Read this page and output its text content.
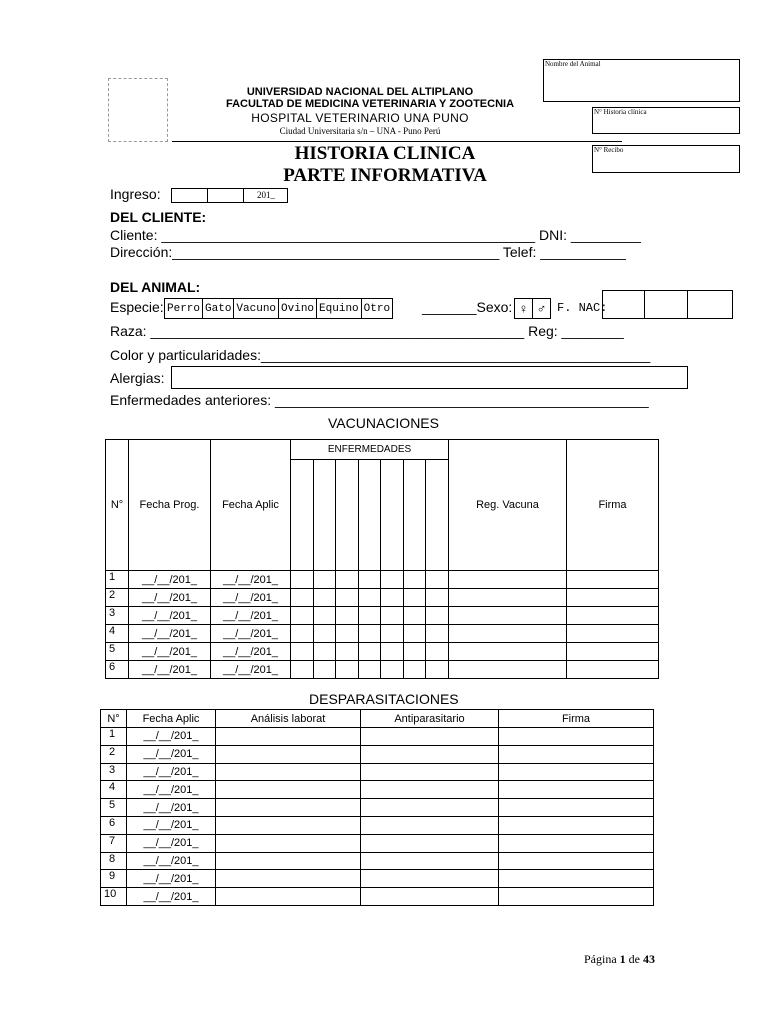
Nombre del Animal
N° Historia clínica
N° Recibo
UNIVERSIDAD NACIONAL DEL ALTIPLANO
FACULTAD DE MEDICINA VETERINARIA Y ZOOTECNIA
HOSPITAL VETERINARIO UNA PUNO
Ciudad Universitaria s/n – UNA - Puno Perú
HISTORIA CLINICA
PARTE INFORMATIVA
Ingreso:	201_
DEL CLIENTE:
Cliente: ________________________________________________ DNI: _________
Dirección:__________________________________________ Telef: ___________
DEL ANIMAL:
Especie: Perro	Gato	Vacuno	Ovino	Equino	Otro _______Sexo: ♀	♂ F. NAC:

Raza: ________________________________________________ Reg: ________
Color y particularidades:__________________________________________________
Alergias:
Enfermedades anteriores: ________________________________________________
VACUNACIONES
N°	Fecha Prog.	Fecha Aplic	ENFERMEDADES							Reg. Vacuna	Firma

1	__/__/201_	__/__/201_									
2	__/__/201_	__/__/201_									
3	__/__/201_	__/__/201_									
4	__/__/201_	__/__/201_									
5	__/__/201_	__/__/201_									
6	__/__/201_	__/__/201_									
DESPARASITACIONES
N°	Fecha Aplic	Análisis laborat	Antiparasitario	Firma
1	__/__/201_			
2	__/__/201_			
3	__/__/201_			
4	__/__/201_			
5	__/__/201_			
6	__/__/201_			
7	__/__/201_			
8	__/__/201_			
9	__/__/201_			
10	__/__/201_			
Página 1 de 43
